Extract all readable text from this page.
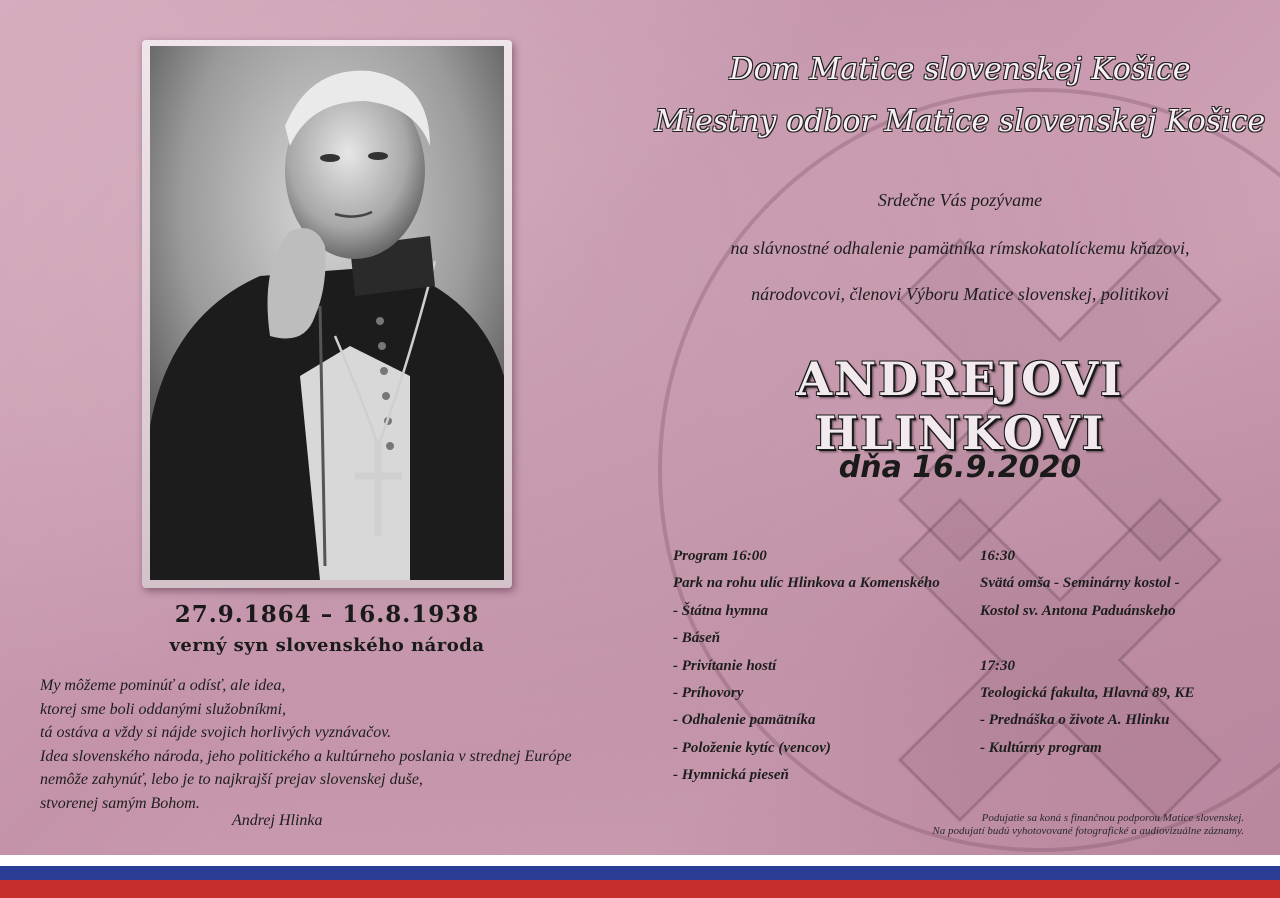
27.9.1864 – 16.8.1938
verný syn slovenského národa
My môžeme pominúť a odísť, ale idea,
ktorej sme boli oddanými služobníkmi,
tá ostáva a vždy si nájde svojich horlivých vyznávačov.
Idea slovenského národa, jeho politického a kultúrneho poslania v strednej Európe
nemôže zahynúť, lebo je to najkrajší prejav slovenskej duše,
stvorenej samým Bohom.
Andrej Hlinka
Dom Matice slovenskej Košice
Miestny odbor Matice slovenskej Košice
Srdečne Vás pozývame
na slávnostné odhalenie pamätníka rímskokatolíckemu kňazovi,
národovcovi, členovi Výboru Matice slovenskej, politikovi
ANDREJOVI HLINKOVI
dňa 16.9.2020
Program 16:00
Park na rohu ulíc Hlinkova a Komenského
- Štátna hymna
- Báseň
- Privítanie hostí
- Príhovory
- Odhalenie pamätníka
- Položenie kytíc (vencov)
- Hymnická pieseň
16:30
Svätá omša - Seminárny kostol -
Kostol sv. Antona Paduánskeho
17:30
Teologická fakulta, Hlavná 89, KE
- Prednáška o živote A. Hlinku
- Kultúrny program
Podujatie sa koná s finančnou podporou Matice slovenskej.
Na podujatí budú vyhotovované fotografické a audiovizuálne záznamy.
